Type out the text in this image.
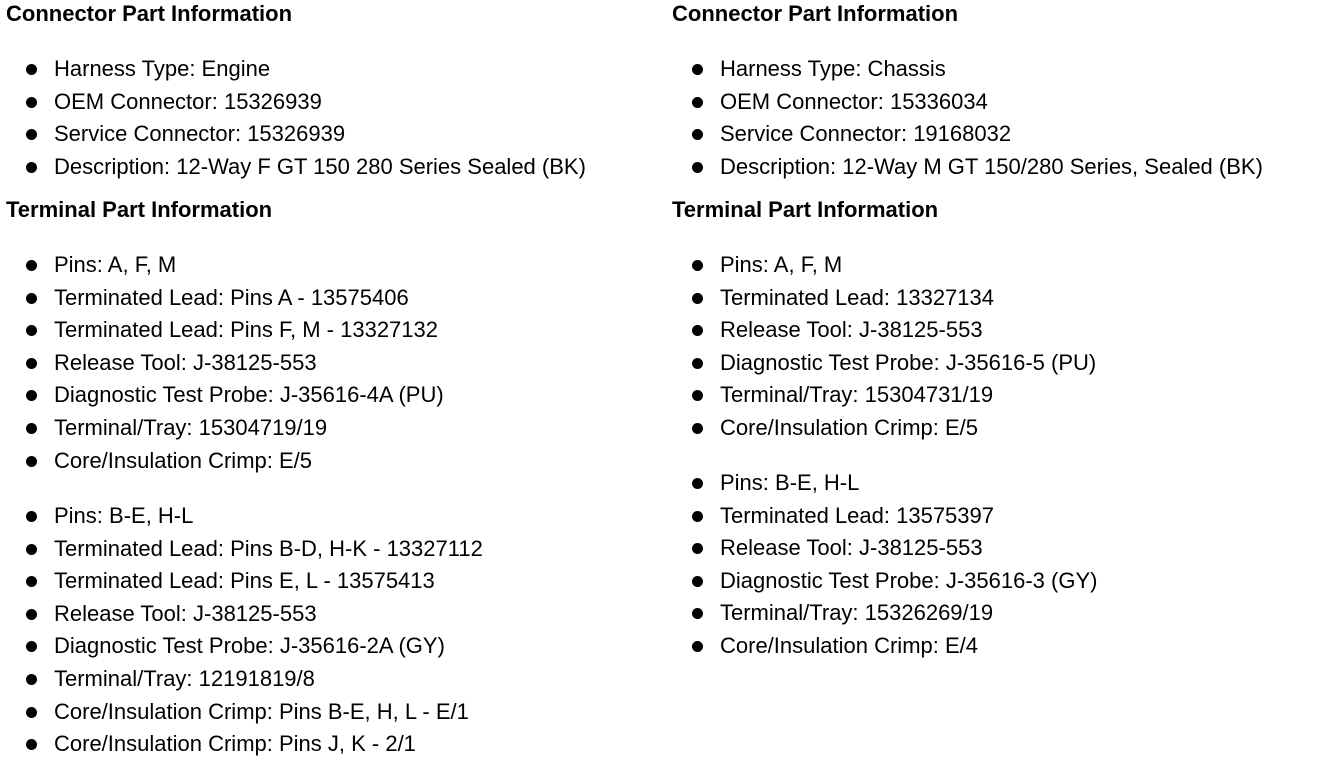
Connector Part Information
Harness Type: Engine
OEM Connector: 15326939
Service Connector: 15326939
Description: 12-Way F GT 150 280 Series Sealed (BK)
Terminal Part Information
Pins: A, F, M
Terminated Lead: Pins A - 13575406
Terminated Lead: Pins F, M - 13327132
Release Tool: J-38125-553
Diagnostic Test Probe: J-35616-4A (PU)
Terminal/Tray: 15304719/19
Core/Insulation Crimp: E/5
Pins: B-E, H-L
Terminated Lead: Pins B-D, H-K - 13327112
Terminated Lead: Pins E, L - 13575413
Release Tool: J-38125-553
Diagnostic Test Probe: J-35616-2A (GY)
Terminal/Tray: 12191819/8
Core/Insulation Crimp: Pins B-E, H, L - E/1
Core/Insulation Crimp: Pins J, K - 2/1
Connector Part Information
Harness Type: Chassis
OEM Connector: 15336034
Service Connector: 19168032
Description: 12-Way M GT 150/280 Series, Sealed (BK)
Terminal Part Information
Pins: A, F, M
Terminated Lead: 13327134
Release Tool: J-38125-553
Diagnostic Test Probe: J-35616-5 (PU)
Terminal/Tray: 15304731/19
Core/Insulation Crimp: E/5
Pins: B-E, H-L
Terminated Lead: 13575397
Release Tool: J-38125-553
Diagnostic Test Probe: J-35616-3 (GY)
Terminal/Tray: 15326269/19
Core/Insulation Crimp: E/4
